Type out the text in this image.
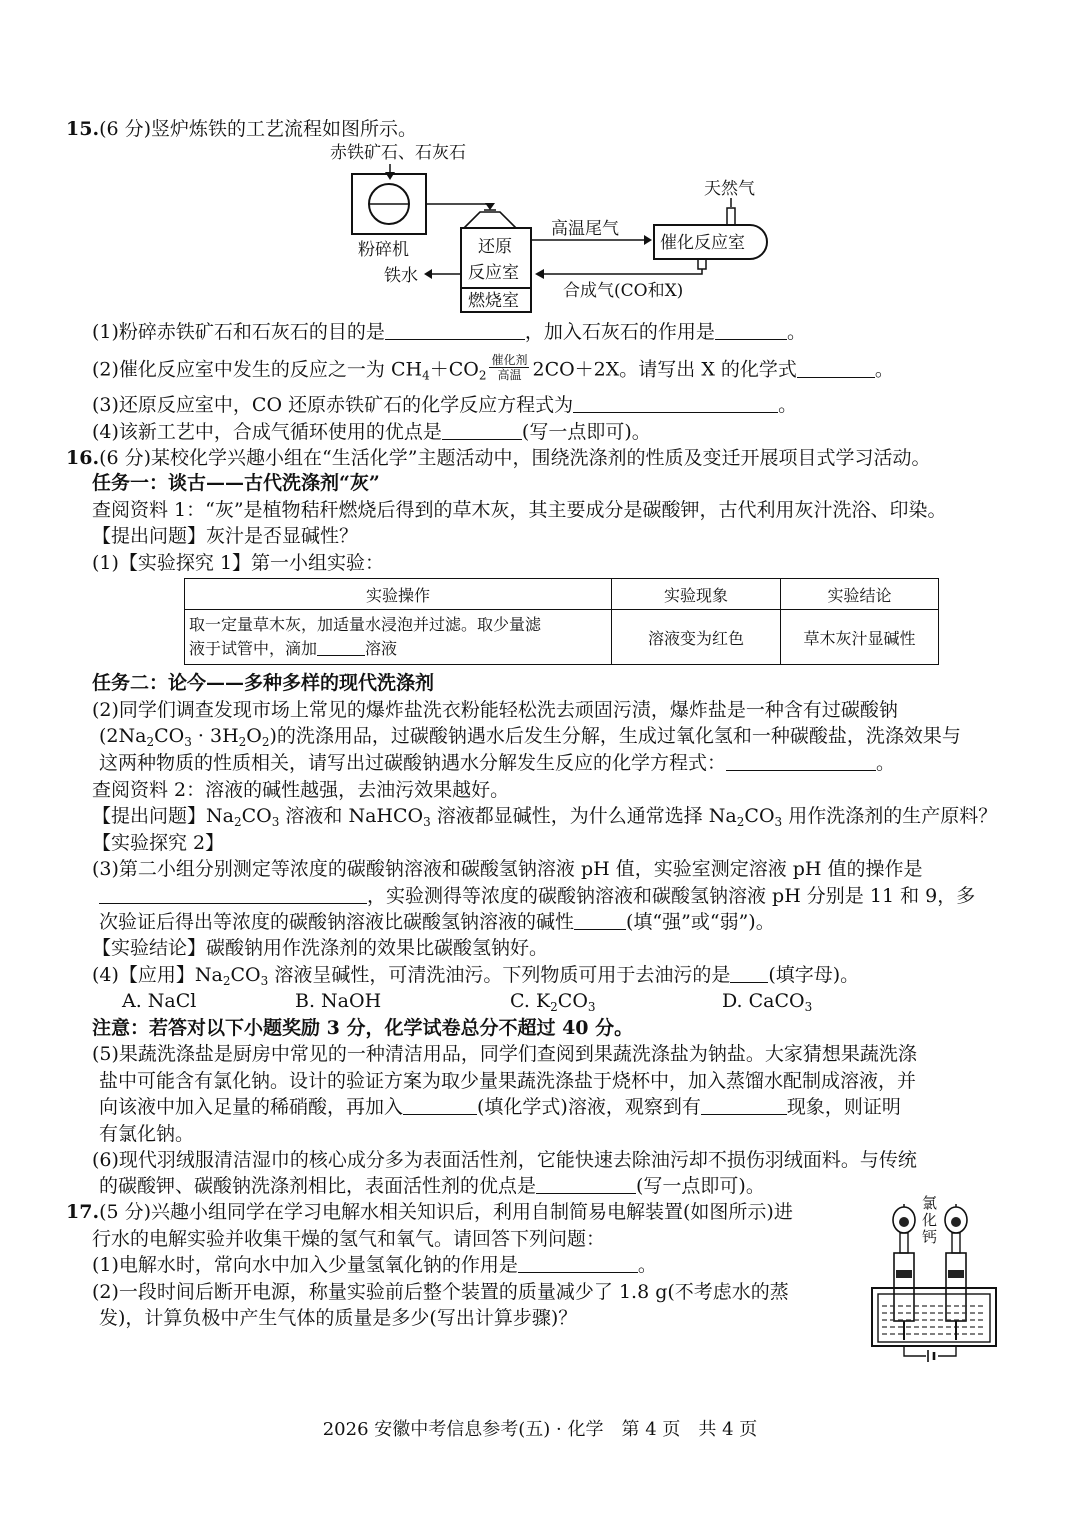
15.(6 分)竖炉炼铁的工艺流程如图所示。
赤铁矿石、石灰石
粉碎机	还原
反应室
燃烧室
铁水
高温尾气
催化反应室
天然气
合成气(CO和X)
(1)粉碎赤铁矿石和石灰石的目的是	，加入石灰石的作用是	。
(2)催化反应室中发生的反应之一为 $CH_4+CO_2 \frac{\text{催化剂}}{\text{高温}} 2CO+2X$。请写出 X 的化学式	。
(3)还原反应室中，CO 还原赤铁矿石的化学反应方程式为	。
(4)该新工艺中，合成气循环使用的优点是	(写一点即可)。
16.(6 分)某校化学兴趣小组在“生活化学”主题活动中，围绕洗涤剂的性质及变迁开展项目式学习活动。
任务一：谈古——古代洗涤剂“灰”
查阅资料 1：“灰”是植物秸秆燃烧后得到的草木灰，其主要成分是碳酸钾，古代利用灰汁洗浴、印染。
【提出问题】灰汁是否显碱性？
(1)【实验探究 1】第一小组实验：
实验操作	实验现象	实验结论
取一定量草木灰，加适量水浸泡并过滤。取少量滤
液于试管中，滴加 溶液	溶液变为红色	草木灰汁显碱性
任务二：论今——多种多样的现代洗涤剂
(2)同学们调查发现市场上常见的爆炸盐洗衣粉能轻松洗去顽固污渍，爆炸盐是一种含有过碳酸钠
$(2Na_2CO_3 \cdot 3H_2O_2)$的洗涤用品，过碳酸钠遇水后发生分解，生成过氧化氢和一种碳酸盐，洗涤效果与
这两种物质的性质相关，请写出过碳酸钠遇水分解发生反应的化学方程式：	。
查阅资料 2：溶液的碱性越强，去油污效果越好。
【提出问题】$Na_2CO_3$ 溶液和 NaHCO$_3$ 溶液都显碱性，为什么通常选择 $Na_2CO_3$ 用作洗涤剂的生产原料？
【实验探究 2】
(3)第二小组分别测定等浓度的碳酸钠溶液和碳酸氢钠溶液 pH 值，实验室测定溶液 pH 值的操作是
，实验测得等浓度的碳酸钠溶液和碳酸氢钠溶液 pH 分别是 11 和 9，多
次验证后得出等浓度的碳酸钠溶液比碳酸氢钠溶液的碱性	(填“强”或“弱”)。
【实验结论】碳酸钠用作洗涤剂的效果比碳酸氢钠好。
(4)【应用】$Na_2CO_3$ 溶液呈碱性，可清洗油污。下列物质可用于去油污的是 (填字母)。
A. NaCl	B. NaOH	C. $K_2CO_3$	D. CaCO$_3$
注意：若答对以下小题奖励 3 分，化学试卷总分不超过 40 分。
(5)果蔬洗涤盐是厨房中常见的一种清洁用品，同学们查阅到果蔬洗涤盐为钠盐。大家猜想果蔬洗涤
盐中可能含有氯化钠。设计的验证方案为取少量果蔬洗涤盐于烧杯中，加入蒸馏水配制成溶液，并
向该液中加入足量的稀硝酸，再加入	(填化学式)溶液，观察到有	现象，则证明
有氯化钠。
(6)现代羽绒服清洁湿巾的核心成分多为表面活性剂，它能快速去除油污却不损伤羽绒面料。与传统
的碳酸钾、碳酸钠洗涤剂相比，表面活性剂的优点是	(写一点即可)。
17.(5 分)兴趣小组同学在学习电解水相关知识后，利用自制简易电解装置(如图所示)进
行水的电解实验并收集干燥的氢气和氧气。请回答下列问题：
(1)电解水时，常向水中加入少量氢氧化钠的作用是	。
(2)一段时间后断开电源，称量实验前后整个装置的质量减少了 1.8 g(不考虑水的蒸
发)，计算负极中产生气体的质量是多少(写出计算步骤)？
氯
化
钙
2026 安徽中考信息参考(五) · 化学　第 4 页　共 4 页
